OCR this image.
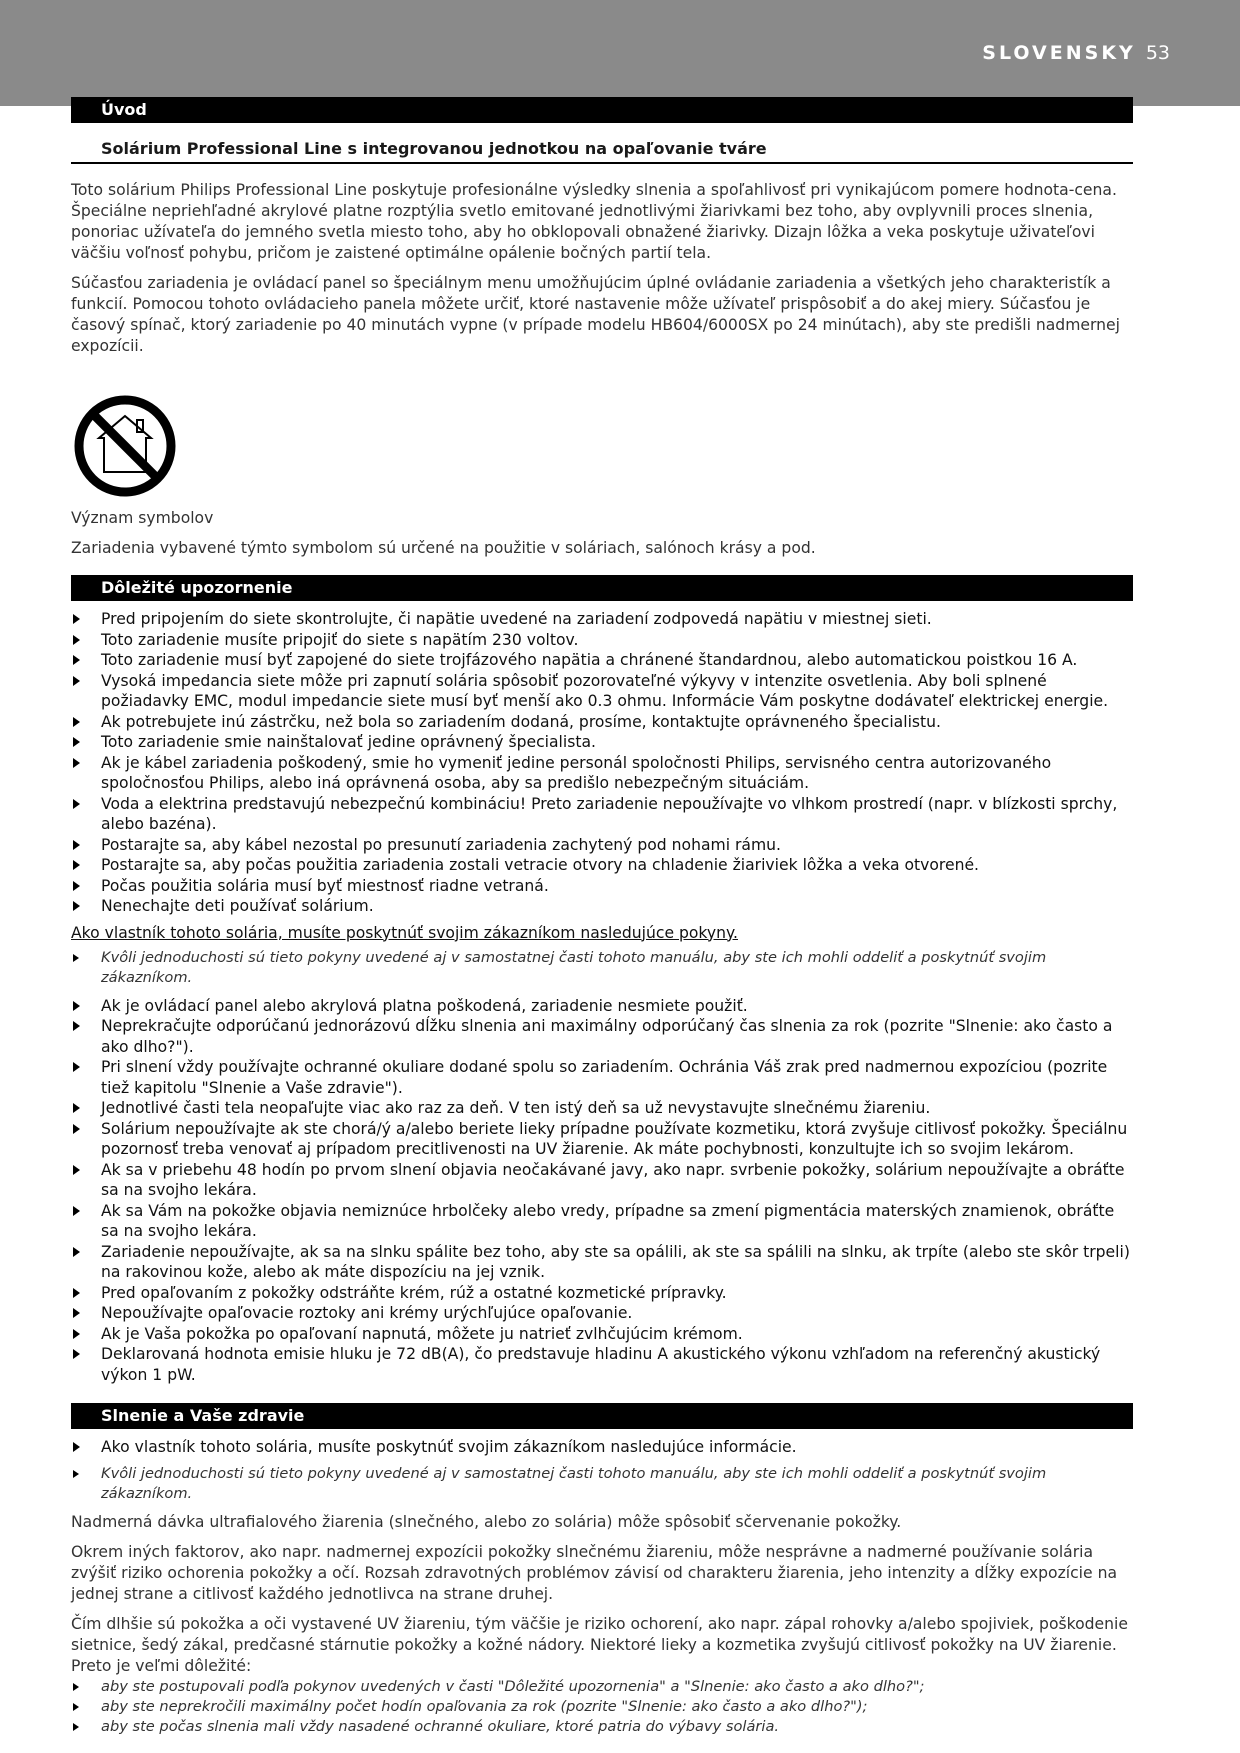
SLOVENSKY 53
Úvod
Solárium Professional Line s integrovanou jednotkou na opaľovanie tváre

Toto solárium Philips Professional Line poskytuje profesionálne výsledky slnenia a spoľahlivosť pri vynikajúcom pomere hodnota-cena. Špeciálne nepriehľadné akrylové platne rozptýlia svetlo emitované jednotlivými žiarivkami bez toho, aby ovplyvnili proces slnenia, ponoriac užívateľa do jemného svetla miesto toho, aby ho obklopovali obnažené žiarivky. Dizajn lôžka a veka poskytuje uživateľovi väčšiu voľnosť pohybu, pričom je zaistené optimálne opálenie bočných partií tela.

Súčasťou zariadenia je ovládací panel so špeciálnym menu umožňujúcim úplné ovládanie zariadenia a všetkých jeho charakteristík a funkcií. Pomocou tohoto ovládacieho panela môžete určiť, ktoré nastavenie môže užívateľ prispôsobiť a do akej miery. Súčasťou je časový spínač, ktorý zariadenie po 40 minutách vypne (v prípade modelu HB604/6000SX po 24 minútach), aby ste predišli nadmernej expozícii.

Význam symbolov

Zariadenia vybavené týmto symbolom sú určené na použitie v soláriach, salónoch krásy a pod.

Dôležité upozornenie
Pred pripojením do siete skontrolujte, či napätie uvedené na zariadení zodpovedá napätiu v miestnej sieti.
Toto zariadenie musíte pripojiť do siete s napätím 230 voltov.
Toto zariadenie musí byť zapojené do siete trojfázového napätia a chránené štandardnou, alebo automatickou poistkou 16 A.
Vysoká impedancia siete môže pri zapnutí solária spôsobiť pozorovateľné výkyvy v intenzite osvetlenia. Aby boli splnené požiadavky EMC, modul impedancie siete musí byť menší ako 0.3 ohmu. Informácie Vám poskytne dodávateľ elektrickej energie.
Ak potrebujete inú zástrčku, než bola so zariadením dodaná, prosíme, kontaktujte oprávneného špecialistu.
Toto zariadenie smie nainštalovať jedine oprávnený špecialista.
Ak je kábel zariadenia poškodený, smie ho vymeniť jedine personál spoločnosti Philips, servisného centra autorizovaného spoločnosťou Philips, alebo iná oprávnená osoba, aby sa predišlo nebezpečným situáciám.
Voda a elektrina predstavujú nebezpečnú kombináciu! Preto zariadenie nepoužívajte vo vlhkom prostredí (napr. v blízkosti sprchy, alebo bazéna).
Postarajte sa, aby kábel nezostal po presunutí zariadenia zachytený pod nohami rámu.
Postarajte sa, aby počas použitia zariadenia zostali vetracie otvory na chladenie žiariviek lôžka a veka otvorené.
Počas použitia solária musí byť miestnosť riadne vetraná.
Nenechajte deti používať solárium.
Ako vlastník tohoto solária, musíte poskytnúť svojim zákazníkom nasledujúce pokyny.
Kvôli jednoduchosti sú tieto pokyny uvedené aj v samostatnej časti tohoto manuálu, aby ste ich mohli oddeliť a poskytnúť svojim zákazníkom.
Ak je ovládací panel alebo akrylová platna poškodená, zariadenie nesmiete použiť.
Neprekračujte odporúčanú jednorázovú dĺžku slnenia ani maximálny odporúčaný čas slnenia za rok (pozrite "Slnenie: ako často a ako dlho?").
Pri slnení vždy používajte ochranné okuliare dodané spolu so zariadením. Ochránia Váš zrak pred nadmernou expozíciou (pozrite tiež kapitolu "Slnenie a Vaše zdravie").
Jednotlivé časti tela neopaľujte viac ako raz za deň. V ten istý deň sa už nevystavujte slnečnému žiareniu.
Solárium nepoužívajte ak ste chorá/ý a/alebo beriete lieky prípadne používate kozmetiku, ktorá zvyšuje citlivosť pokožky. Špeciálnu pozornosť treba venovať aj prípadom precitlivenosti na UV žiarenie. Ak máte pochybnosti, konzultujte ich so svojim lekárom.
Ak sa v priebehu 48 hodín po prvom slnení objavia neočakávané javy, ako napr. svrbenie pokožky, solárium nepoužívajte a obráťte sa na svojho lekára.
Ak sa Vám na pokožke objavia nemiznúce hrbolčeky alebo vredy, prípadne sa zmení pigmentácia materských znamienok, obráťte sa na svojho lekára.
Zariadenie nepoužívajte, ak sa na slnku spálite bez toho, aby ste sa opálili, ak ste sa spálili na slnku, ak trpíte (alebo ste skôr trpeli) na rakovinou kože, alebo ak máte dispozíciu na jej vznik.
Pred opaľovaním z pokožky odstráňte krém, rúž a ostatné kozmetické prípravky.
Nepoužívajte opaľovacie roztoky ani krémy urýchľujúce opaľovanie.
Ak je Vaša pokožka po opaľovaní napnutá, môžete ju natrieť zvlhčujúcim krémom.
Deklarovaná hodnota emisie hluku je 72 dB(A), čo predstavuje hladinu A akustického výkonu vzhľadom na referenčný akustický výkon 1 pW.
Slnenie a Vaše zdravie
Ako vlastník tohoto solária, musíte poskytnúť svojim zákazníkom nasledujúce informácie.
Kvôli jednoduchosti sú tieto pokyny uvedené aj v samostatnej časti tohoto manuálu, aby ste ich mohli oddeliť a poskytnúť svojim zákazníkom.

Nadmerná dávka ultrafialového žiarenia (slnečného, alebo zo solária) môže spôsobiť sčervenanie pokožky.

Okrem iných faktorov, ako napr. nadmernej expozícii pokožky slnečnému žiareniu, môže nesprávne a nadmerné používanie solária zvýšiť riziko ochorenia pokožky a očí. Rozsah zdravotných problémov závisí od charakteru žiarenia, jeho intenzity a dĺžky expozície na jednej strane a citlivosť každého jednotlivca na strane druhej.

Čím dlhšie sú pokožka a oči vystavené UV žiareniu, tým väčšie je riziko ochorení, ako napr. zápal rohovky a/alebo spojiviek, poškodenie sietnice, šedý zákal, predčasné stárnutie pokožky a kožné nádory. Niektoré lieky a kozmetika zvyšujú citlivosť pokožky na UV žiarenie.

Preto je veľmi dôležité:

aby ste postupovali podľa pokynov uvedených v časti "Dôležité upozornenia" a "Slnenie: ako často a ako dlho?";
aby ste neprekročili maximálny počet hodín opaľovania za rok (pozrite "Slnenie: ako často a ako dlho?");
aby ste počas slnenia mali vždy nasadené ochranné okuliare, ktoré patria do výbavy solária.
